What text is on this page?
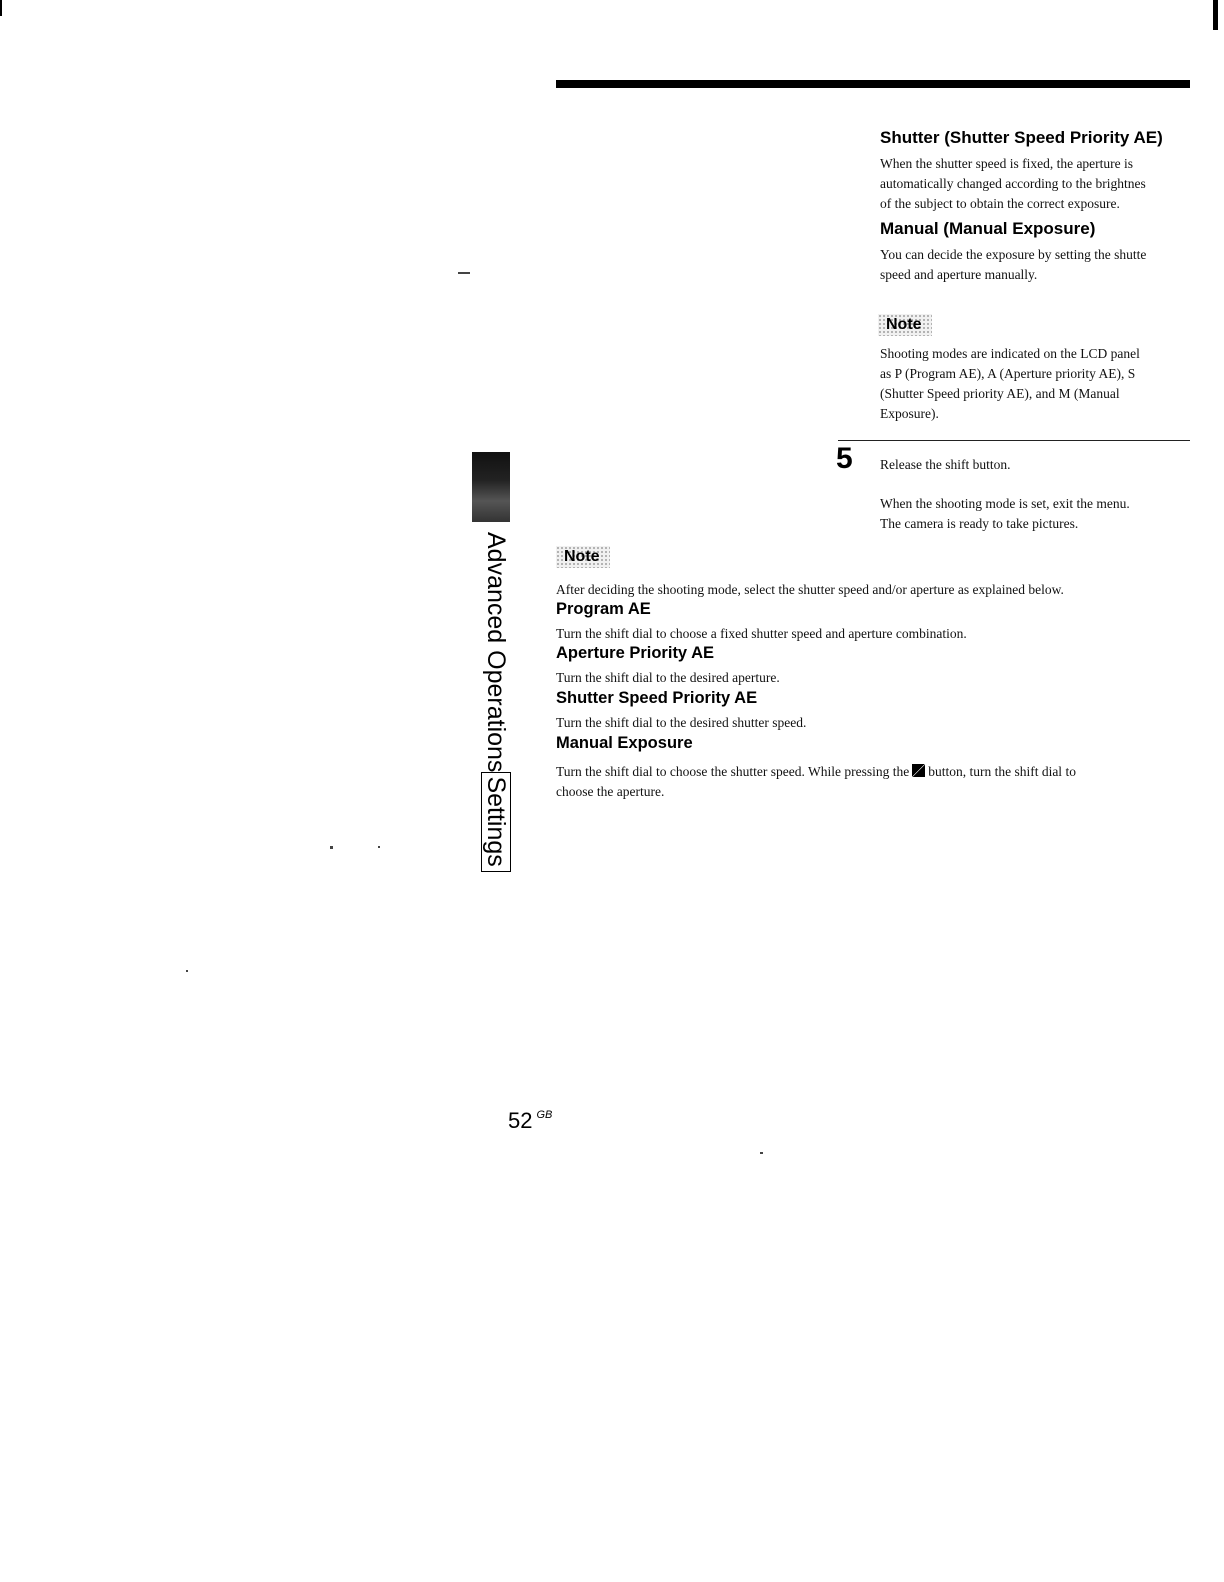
Shutter (Shutter Speed Priority AE)

When the shutter speed is fixed, the aperture is
automatically changed according to the brightnes
of the subject to obtain the correct exposure.

Manual (Manual Exposure)

You can decide the exposure by setting the shutte
speed and aperture manually.

Note

Shooting modes are indicated on the LCD panel
as P (Program AE), A (Aperture priority AE), S
(Shutter Speed priority AE), and M (Manual
Exposure).

5 Release the shift button.

When the shooting mode is set, exit the menu.
The camera is ready to take pictures.

Advanced OperationsSettings
Note

After deciding the shooting mode, select the shutter speed and/or aperture as explained below.

Program AE

Turn the shift dial to choose a fixed shutter speed and aperture combination.

Aperture Priority AE

Turn the shift dial to the desired aperture.

Shutter Speed Priority AE

Turn the shift dial to the desired shutter speed.

Manual Exposure

Turn the shift dial to choose the shutter speed. While pressing the button, turn the shift dial to
choose the aperture.

52 $^{GB}$
